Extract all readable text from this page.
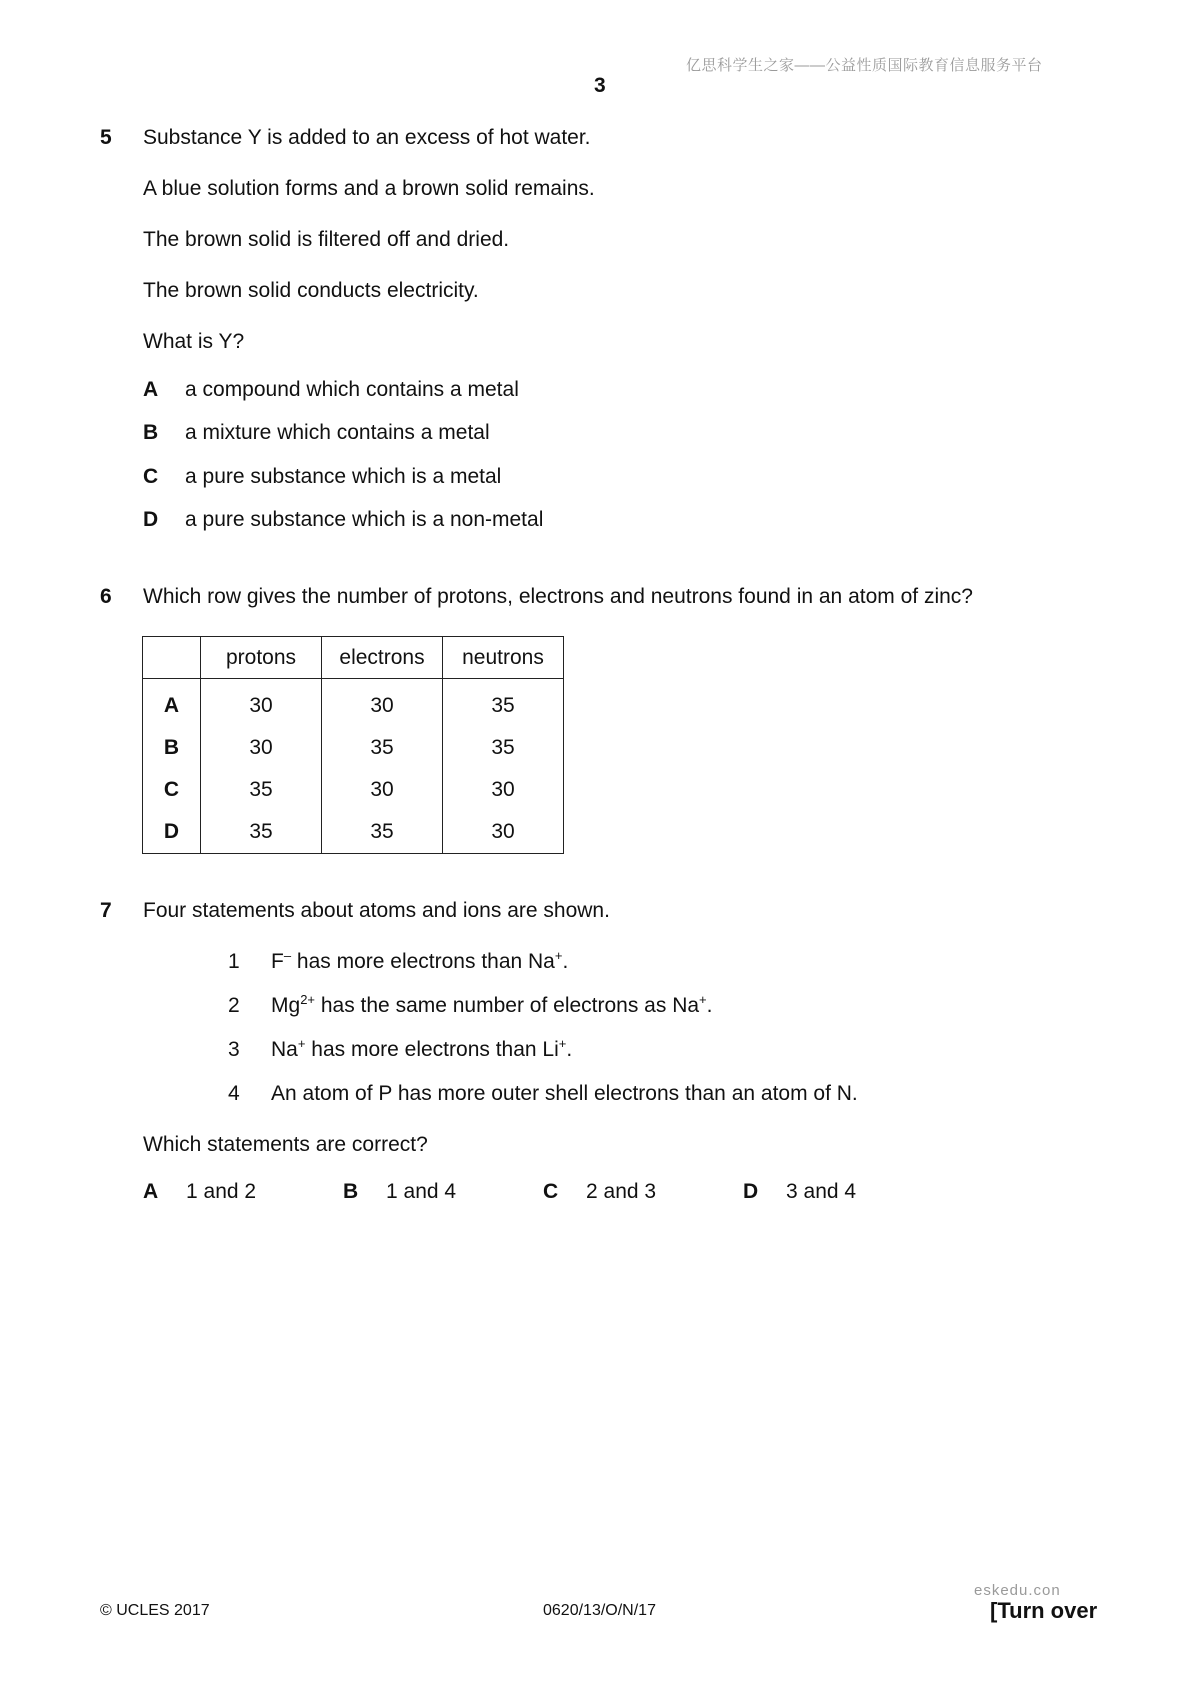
亿思科学生之家——公益性质国际教育信息服务平台
3
5 Substance Y is added to an excess of hot water.
A blue solution forms and a brown solid remains.
The brown solid is filtered off and dried.
The brown solid conducts electricity.
What is Y?
A a compound which contains a metal
B a mixture which contains a metal
C a pure substance which is a metal
D a pure substance which is a non-metal
6 Which row gives the number of protons, electrons and neutrons found in an atom of zinc?
	protons	electrons	neutrons
A	30	30	35
B	30	35	35
C	35	30	30
D	35	35	30
7 Four statements about atoms and ions are shown.
1 F– has more electrons than Na+.
2 $Mg^{2+}$ has the same number of electrons as Na+.
3 Na+ has more electrons than Li+.
4 An atom of P has more outer shell electrons than an atom of N.
Which statements are correct?
A 1 and 2	B 1 and 4	C 2 and 3	D 3 and 4
© UCLES 2017	0620/13/O/N/17
eskedu.con
[Turn over
